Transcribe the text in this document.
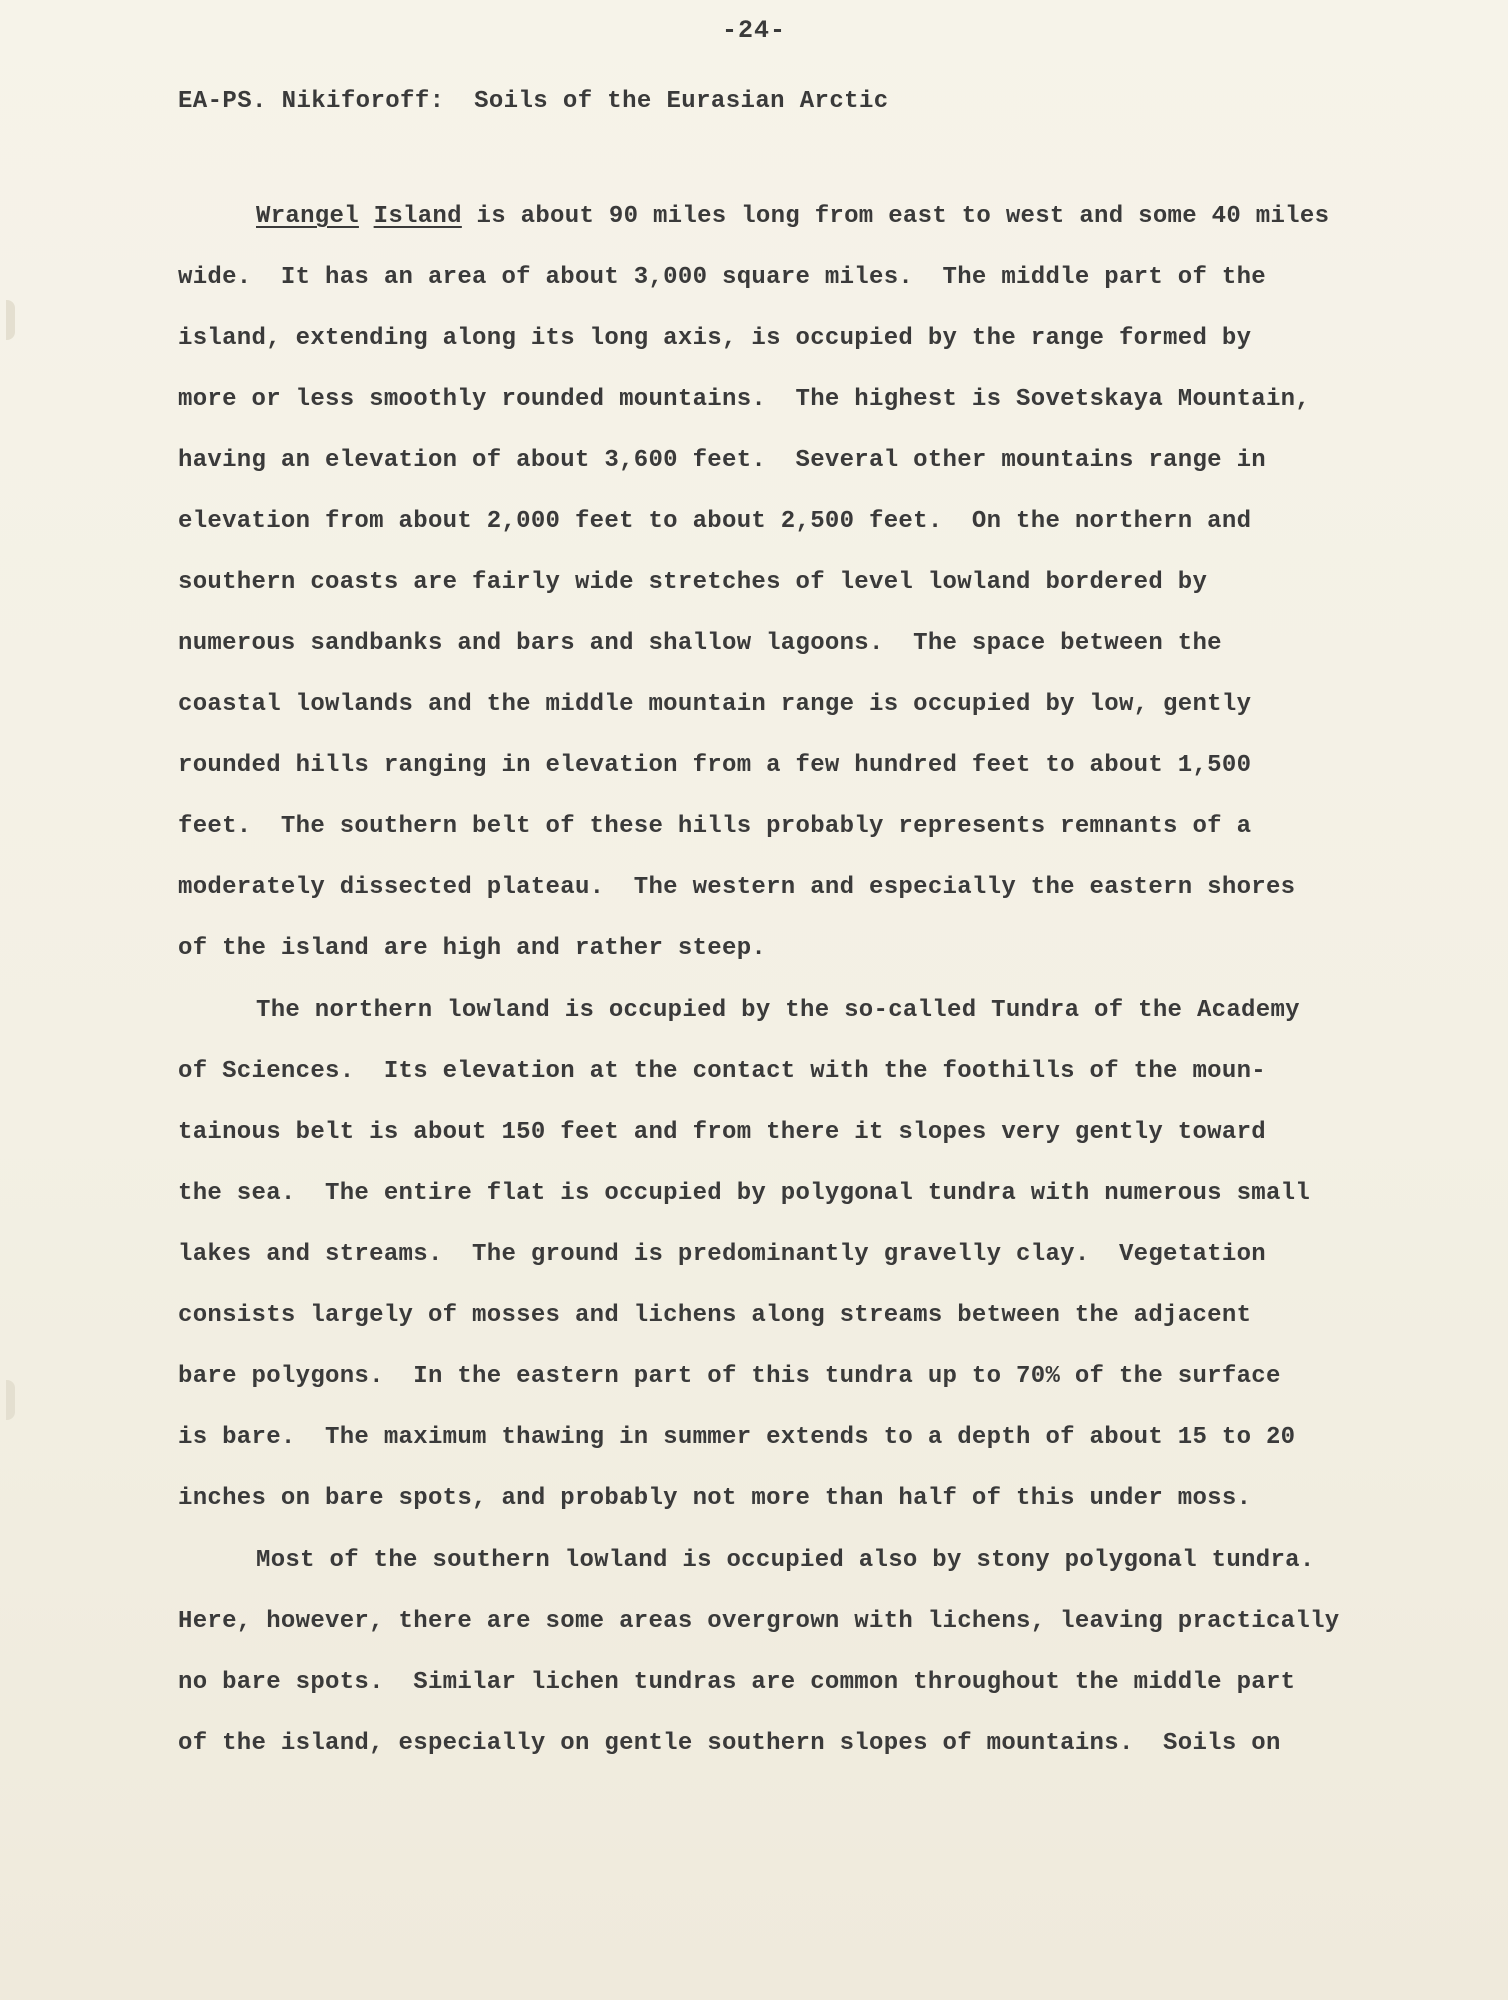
-24-
EA-PS. Nikiforoff: Soils of the Eurasian Arctic
Wrangel Island is about 90 miles long from east to west and some 40 miles
wide.  It has an area of about 3,000 square miles.  The middle part of the
island, extending along its long axis, is occupied by the range formed by
more or less smoothly rounded mountains.  The highest is Sovetskaya Mountain,
having an elevation of about 3,600 feet.  Several other mountains range in
elevation from about 2,000 feet to about 2,500 feet.  On the northern and
southern coasts are fairly wide stretches of level lowland bordered by
numerous sandbanks and bars and shallow lagoons.  The space between the
coastal lowlands and the middle mountain range is occupied by low, gently
rounded hills ranging in elevation from a few hundred feet to about 1,500
feet.  The southern belt of these hills probably represents remnants of a
moderately dissected plateau.  The western and especially the eastern shores
of the island are high and rather steep.
The northern lowland is occupied by the so-called Tundra of the Academy
of Sciences.  Its elevation at the contact with the foothills of the moun-
tainous belt is about 150 feet and from there it slopes very gently toward
the sea.  The entire flat is occupied by polygonal tundra with numerous small
lakes and streams.  The ground is predominantly gravelly clay.  Vegetation
consists largely of mosses and lichens along streams between the adjacent
bare polygons.  In the eastern part of this tundra up to 70% of the surface
is bare.  The maximum thawing in summer extends to a depth of about 15 to 20
inches on bare spots, and probably not more than half of this under moss.
Most of the southern lowland is occupied also by stony polygonal tundra.
Here, however, there are some areas overgrown with lichens, leaving practically
no bare spots.  Similar lichen tundras are common throughout the middle part
of the island, especially on gentle southern slopes of mountains.  Soils on
